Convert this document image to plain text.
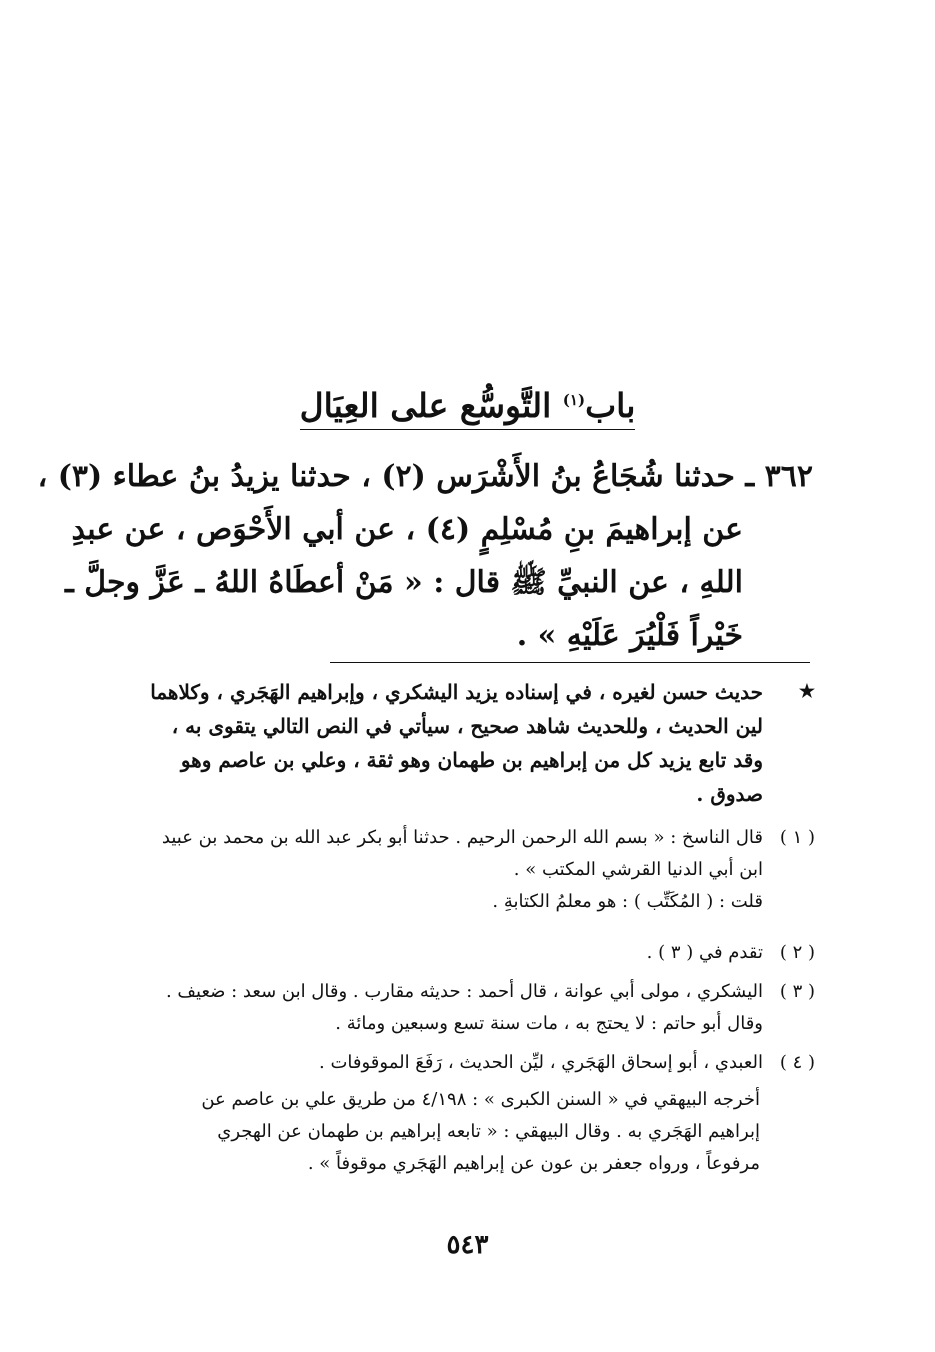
باب$^{(١)}$ التَّوسُّع على العِيَال
٣٦٢ ـ حدثنا شُجَاعُ بنُ الأَشْرَس (٢) ، حدثنا يزيدُ بنُ عطاء (٣) ،
عن إبراهيمَ بنِ مُسْلِمٍ (٤) ، عن أبي الأَحْوَص ، عن عبدِ
اللهِ ، عن النبيِّ ﷺ قال : « مَنْ أعطَاهُ اللهُ ـ عَزَّ وجلَّ ـ
خَيْراً فَلْيُرَ عَلَيْهِ » .
★
حديث حسن لغيره ، في إسناده يزيد اليشكري ، وإبراهيم الهَجَري ، وكلاهما
لين الحديث ، وللحديث شاهد صحيح ، سيأتي في النص التالي يتقوى به ،
وقد تابع يزيد كل من إبراهيم بن طهمان وهو ثقة ، وعلي بن عاصم وهو
صدوق .
( ١ )
قال الناسخ : « بسم الله الرحمن الرحيم . حدثنا أبو بكر عبد الله بن محمد بن عبيد
ابن أبي الدنيا القرشي المكتب » .
قلت : ( المُكَتِّب ) : هو معلمُ الكتابةِ .
( ٢ )
تقدم في ( ٣ ) .
( ٣ )
اليشكري ، مولى أبي عوانة ، قال أحمد : حديثه مقارب . وقال ابن سعد : ضعيف .
وقال أبو حاتم : لا يحتج به ، مات سنة تسع وسبعين ومائة .
( ٤ )
العبدي ، أبو إسحاق الهَجَري ، ليِّن الحديث ، رَفَعَ الموقوفات .
أخرجه البيهقي في « السنن الكبرى » : ٤/١٩٨ من طريق علي بن عاصم عن
إبراهيم الهَجَري به . وقال البيهقي : « تابعه إبراهيم بن طهمان عن الهجري
مرفوعاً ، ورواه جعفر بن عون عن إبراهيم الهَجَري موقوفاً » .
٥٤٣
